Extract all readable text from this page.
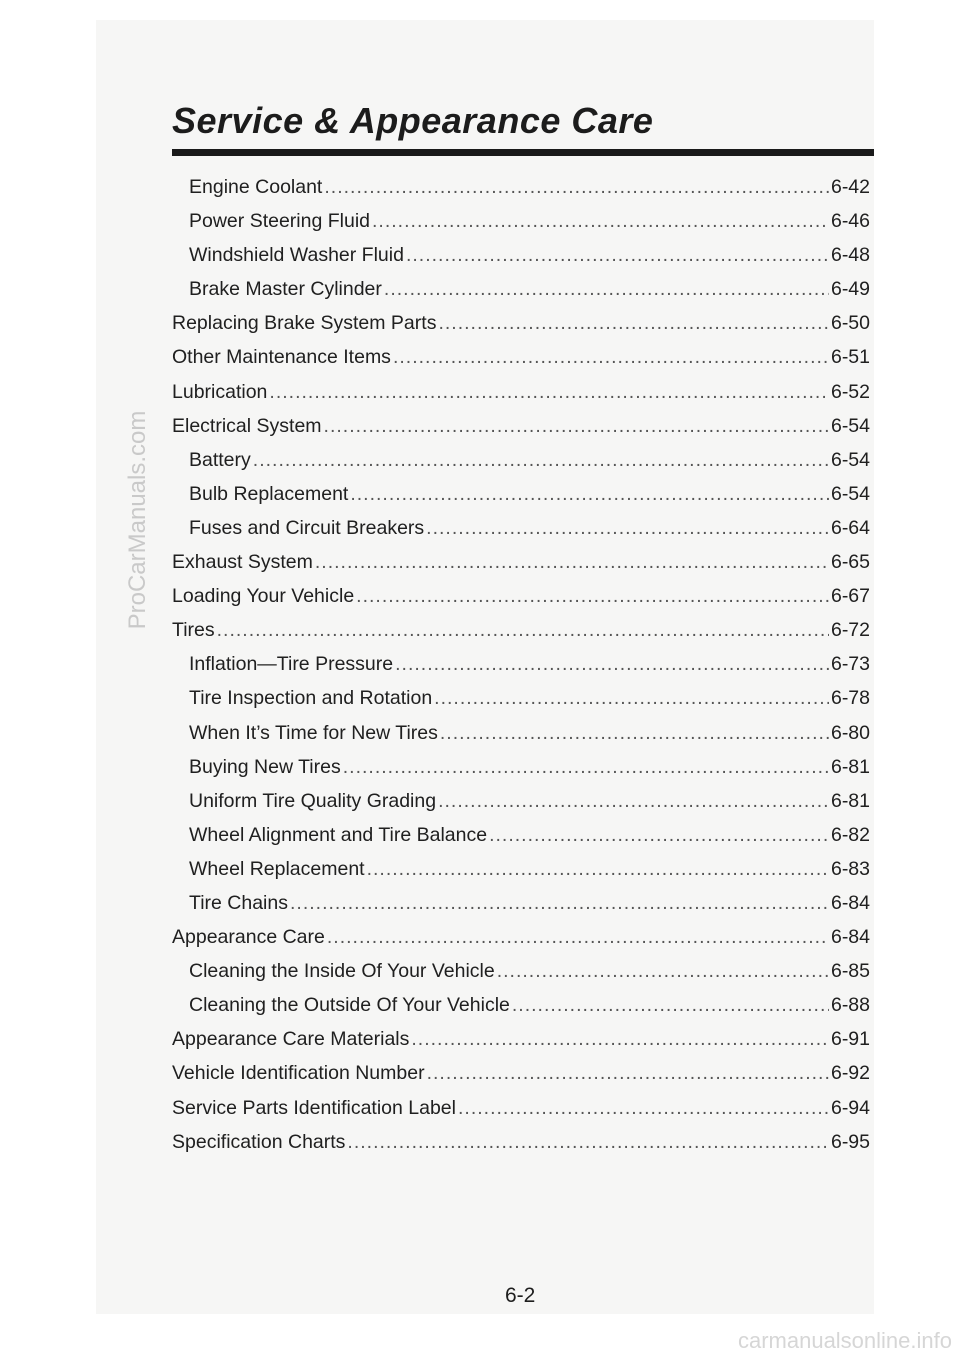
ProCarManuals.com
Service & Appearance Care
Engine Coolant .....	6-42
Power Steering Fluid .....	6-46
Windshield Washer Fluid .....	6-48
Brake Master Cylinder .....	6-49
Replacing Brake System Parts .....	6-50
Other Maintenance Items .....	6-51
Lubrication .....	6-52
Electrical System .....	6-54
Battery .....	6-54
Bulb Replacement .....	6-54
Fuses and Circuit Breakers .....	6-64
Exhaust System .....	6-65
Loading Your Vehicle .....	6-67
Tires .....	6-72
Inflation—Tire Pressure .....	6-73
Tire Inspection and Rotation .....	6-78
When It’s Time for New Tires .....	6-80
Buying New Tires .....	6-81
Uniform Tire Quality Grading .....	6-81
Wheel Alignment and Tire Balance .....	6-82
Wheel Replacement .....	6-83
Tire Chains .....	6-84
Appearance Care .....	6-84
Cleaning the Inside Of Your Vehicle .....	6-85
Cleaning the Outside Of Your Vehicle .....	6-88
Appearance Care Materials .....	6-91
Vehicle Identification Number .....	6-92
Service Parts Identification Label .....	6-94
Specification Charts .....	6-95
6-2
carmanualsonline.info
